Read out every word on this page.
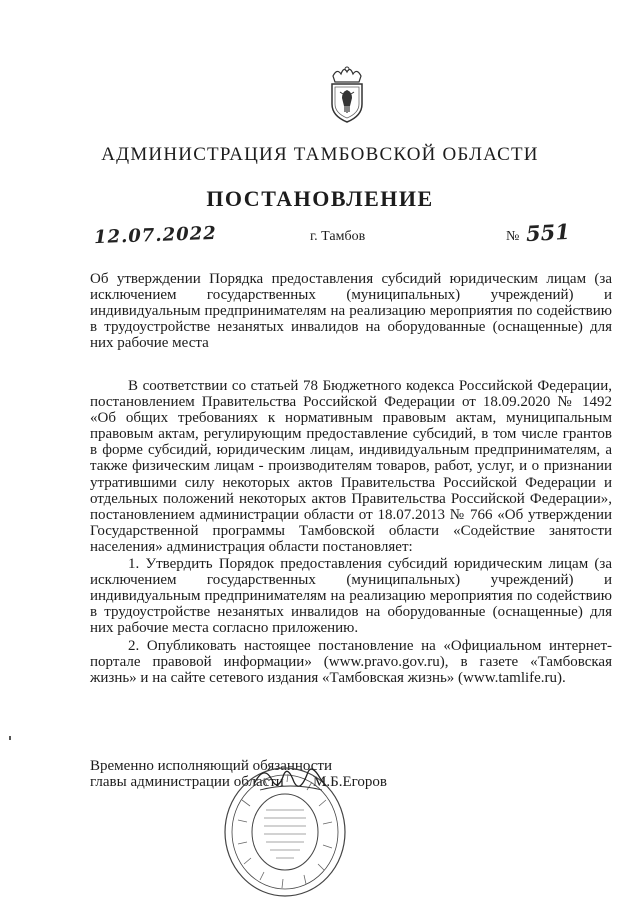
АДМИНИСТРАЦИЯ ТАМБОВСКОЙ ОБЛАСТИ
ПОСТАНОВЛЕНИЕ
12.07.2022	г. Тамбов	№ 551
Об утверждении Порядка предоставления субсидий юридическим лицам (за исключением государственных (муниципальных) учреждений) и индивидуальным предпринимателям на реализацию мероприятия по содействию в трудоустройстве незанятых инвалидов на оборудованные (оснащенные) для них рабочие места

В соответствии со статьей 78 Бюджетного кодекса Российской Федерации, постановлением Правительства Российской Федерации от 18.09.2020 № 1492 «Об общих требованиях к нормативным правовым актам, муниципальным правовым актам, регулирующим предоставление субсидий, в том числе грантов в форме субсидий, юридическим лицам, индивидуальным предпринимателям, а также физическим лицам - производителям товаров, работ, услуг, и о признании утратившими силу некоторых актов Правительства Российской Федерации и отдельных положений некоторых актов Правительства Российской Федерации», постановлением администрации области от 18.07.2013 № 766 «Об утверждении Государственной программы Тамбовской области «Содействие занятости населения» администрация области постановляет:

1. Утвердить Порядок предоставления субсидий юридическим лицам (за исключением государственных (муниципальных) учреждений) и индивидуальным предпринимателям на реализацию мероприятия по содействию в трудоустройстве незанятых инвалидов на оборудованные (оснащенные) для них рабочие места согласно приложению.

2. Опубликовать настоящее постановление на «Официальном интернет-портале правовой информации» (www.pravo.gov.ru), в газете «Тамбовская жизнь» и на сайте сетевого издания «Тамбовская жизнь» (www.tamlife.ru).

Временно исполняющий обязанности
главы администрации области	М.Б.Егоров
